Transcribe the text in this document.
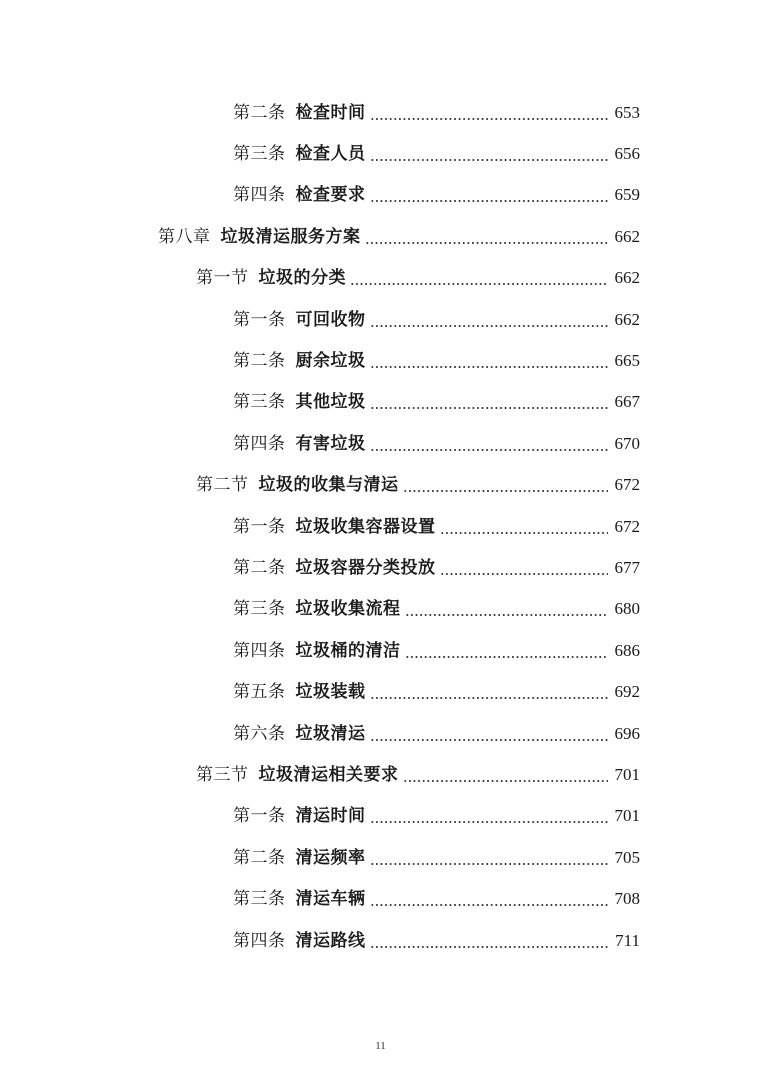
第二条 检查时间	653
第三条 检查人员	656
第四条 检查要求	659
第八章 垃圾清运服务方案	662
第一节 垃圾的分类	662
第一条 可回收物	662
第二条 厨余垃圾	665
第三条 其他垃圾	667
第四条 有害垃圾	670
第二节 垃圾的收集与清运	672
第一条 垃圾收集容器设置	672
第二条 垃圾容器分类投放	677
第三条 垃圾收集流程	680
第四条 垃圾桶的清洁	686
第五条 垃圾装载	692
第六条 垃圾清运	696
第三节 垃圾清运相关要求	701
第一条 清运时间	701
第二条 清运频率	705
第三条 清运车辆	708
第四条 清运路线	711
11
